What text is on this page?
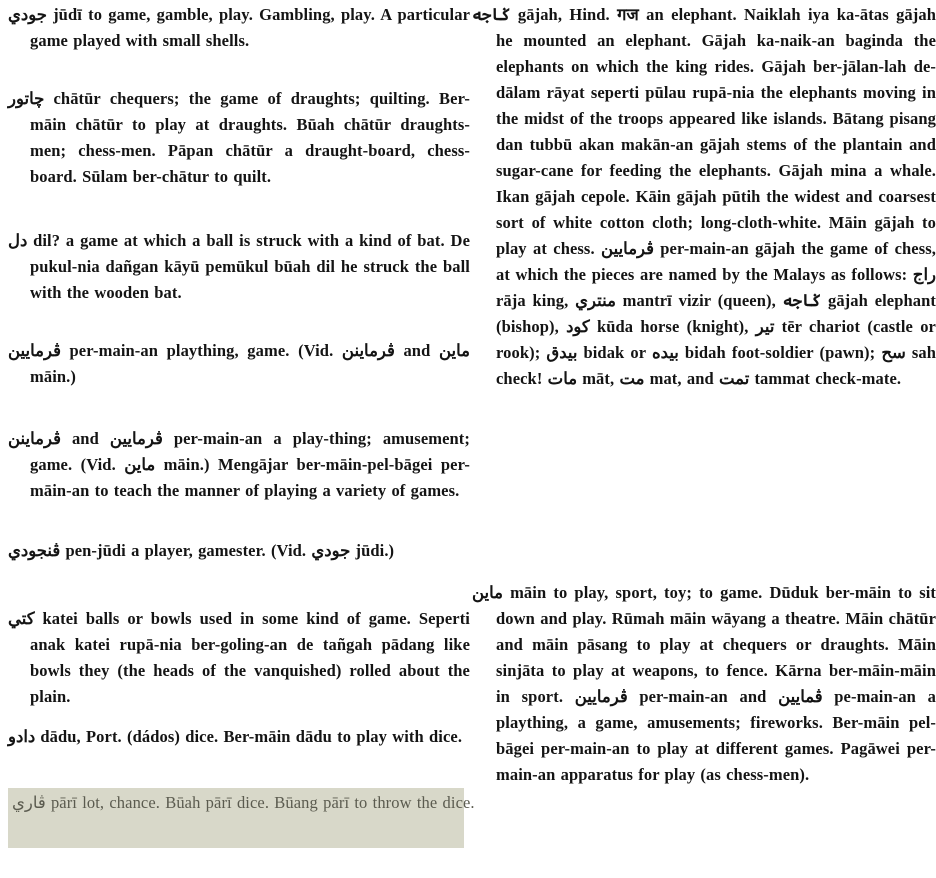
جودي jūdī to game, gamble, play. Gambling, play. A particular game played with small shells.

چاتور chātūr chequers; the game of draughts; quilting. Ber-māin chātūr to play at draughts. Būah chātūr draughts-men; chess-men. Pāpan chātūr a draught-board, chess-board. Sūlam ber-chātur to quilt.

دل dil? a game at which a ball is struck with a kind of bat. De pukul-nia dañgan kāyū pemūkul būah dil he struck the ball with the wooden bat.

ڤرمايين per-main-an plaything, game. (Vid. ڤرماينن and ماين māin.)

ڤرماينن and ڤرمايين per-main-an a play-thing; amusement; game. (Vid. ماين māin.) Mengājar ber-māin-pel-bāgei per-māin-an to teach the manner of playing a variety of games.

ڤنجودي pen-jūdi a player, gamester. (Vid. جودي jūdi.)

کتي katei balls or bowls used in some kind of game. Seperti anak katei rupā-nia ber-goling-an de tañgah pādang like bowls they (the heads of the vanquished) rolled about the plain.

دادو dādu, Port. (dádos) dice. Ber-māin dādu to play with dice.

ڤاري pārī lot, chance. Būah pārī dice. Būang pārī to throw the dice.

ݢاجه gājah, Hind. गज an elephant. Naiklah iya ka-ātas gājah he mounted an elephant. Gājah ka-naik-an baginda the elephants on which the king rides. Gājah ber-jālan-lah de-dālam rāyat seperti pūlau rupā-nia the elephants moving in the midst of the troops appeared like islands. Bātang pisang dan tubbū akan makān-an gājah stems of the plantain and sugar-cane for feeding the elephants. Gājah mina a whale. Ikan gājah cepole. Kāin gājah pūtih the widest and coarsest sort of white cotton cloth; long-cloth-white. Māin gājah to play at chess. ڤرمايين per-main-an gājah the game of chess, at which the pieces are named by the Malays as follows: راج rāja king, منتري mantrī vizir (queen), ݢاجه gājah elephant (bishop), کود kūda horse (knight), تير tēr chariot (castle or rook); بيدق bidak or بيده bidah foot-soldier (pawn); سح sah check! مات māt, مت mat, and تمت tammat check-mate.

ماين māin to play, sport, toy; to game. Dūduk ber-māin to sit down and play. Rūmah māin wāyang a theatre. Māin chātūr and māin pāsang to play at chequers or draughts. Māin sinjāta to play at weapons, to fence. Kārna ber-māin-māin in sport. ڤرمايين per-main-an and ڤمايين pe-main-an a plaything, a game, amusements; fireworks. Ber-māin pel-bāgei per-main-an to play at different games. Pagāwei per-main-an apparatus for play (as chess-men).
